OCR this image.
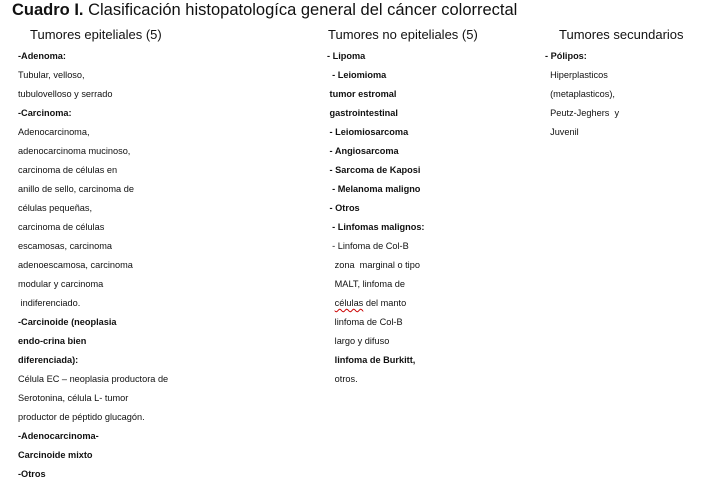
Cuadro I. Clasificación histopatologíca general del cáncer colorrectal
Tumores epiteliales (5)	Tumores no epiteliales (5)	Tumores secundarios
-Adenoma:
Tubular, velloso,
tubulovelloso y serrado
-Carcinoma:
Adenocarcinoma,
adenocarcinoma mucinoso,
carcinoma de células en
anillo de sello, carcinoma de
células pequeñas,
carcinoma de células
escamosas, carcinoma
adenoescamosa, carcinoma
modular y carcinoma
indiferenciado.
-Carcinoide (neoplasia
endo-crina bien
diferenciada):
Célula EC – neoplasia productora de
Serotonina, célula L- tumor
productor de péptido glucagón.
-Adenocarcinoma-
Carcinoide mixto
-Otros
- Lipoma
- Leiomioma
tumor estromal
gastrointestinal
- Leiomiosarcoma
- Angiosarcoma
- Sarcoma de Kaposi
- Melanoma maligno
- Otros
- Linfomas malignos:
- Linfoma de Col-B
zona  marginal o tipo
MALT, linfoma de
células del manto
linfoma de Col-B
largo y difuso
linfoma de Burkitt,
otros.
- Pólipos:
Hiperplasticos
(metaplasticos),
Peutz-Jeghers  y
Juvenil
